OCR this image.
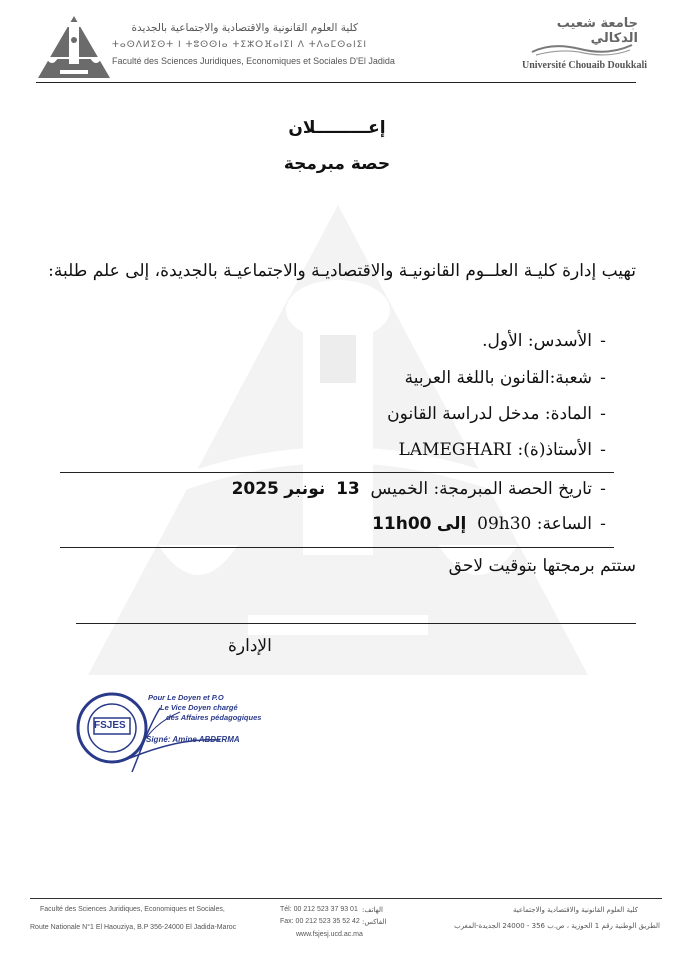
كلية العلوم القانونية والاقتصادية والاجتماعية بالجديدة
ⵜⴰⵙⴷⵍⵉⵙⵜ ⵏ ⵜⵓⵙⵙⵏⴰ ⵜⵉⵣⵔⴼⴰⵏⵉⵏ ⴷ ⵜⴷⴰⵎⵙⴰⵏⵉⵏ
Faculté des Sciences Juridiques, Economiques et Sociales D'El Jadida
جامعة شعيب الدكالي
Université Chouaib Doukkali
إعـــــــــلان
حصة مبرمجة
تهيب إدارة كليـة العلــوم القانونيـة والاقتصاديـة والاجتماعيـة بالجديدة، إلى علم طلبة:
-الأسدس: الأول.
-شعبة:القانون باللغة العربية
-المادة: مدخل لدراسة القانون
-الأستاذ(ة): LAMEGHARI
-تاريخ الحصة المبرمجة: الخميس  13  نونبر 2025
-الساعة: 09h30  إلى 11h00
ستتم برمجتها بتوقيت لاحق
الإدارة
FSJES
Pour Le Doyen et P.O
Le Vice Doyen chargé
des Affaires pédagogiques
Signé: Amine ABDERMA
Faculté des Sciences Juridiques, Economiques et Sociales,
Route Nationale N°1 El Haouziya, B.P 356-24000 El Jadida-Maroc
Tél: 00 212 523 37 93 01 الهاتف:
Fax: 00 212 523 35 52 42 الفاكس:
www.fsjesj.ucd.ac.ma
كلية العلوم القانونية والاقتصادية والاجتماعية
الطريق الوطنية رقم 1 الحوزية ، ص.ب 356 - 24000 الجديدة-المغرب
